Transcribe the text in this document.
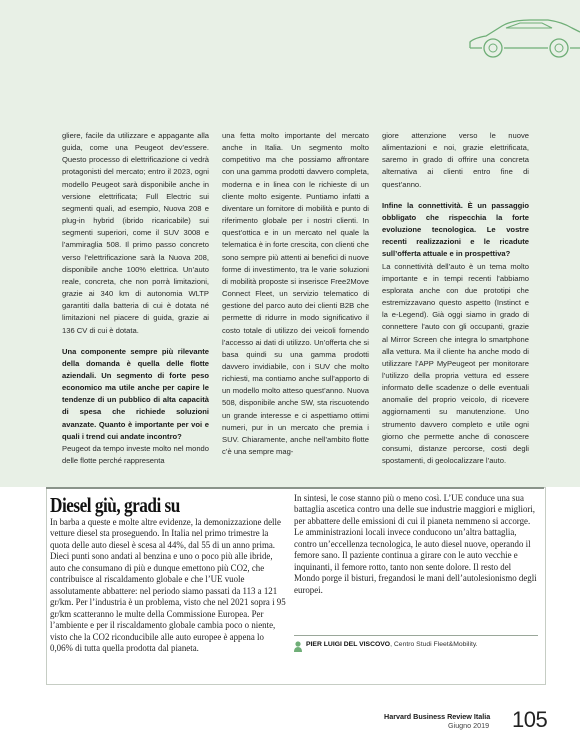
gliere, facile da utilizzare e appagante alla guida, come una Peugeot dev’essere. Questo processo di elettrificazione ci vedrà protagonisti del mercato; entro il 2023, ogni modello Peugeot sarà disponibile anche in versione elettrificata; Full Electric sui segmenti quali, ad esempio, Nuova 208 e plug-in hybrid (ibrido ricaricabile) sui segmenti superiori, come il SUV 3008 e l’ammiraglia 508. Il primo passo concreto verso l’elettrificazione sarà la Nuova 208, disponibile anche 100% elettrica. Un’auto reale, concreta, che non porrà limitazioni, grazie ai 340 km di autonomia WLTP garantiti dalla batteria di cui è dotata né limitazioni nel piacere di guida, grazie ai 136 CV di cui è dotata.

Una componente sempre più rilevante della domanda è quella delle flotte aziendali. Un segmento di forte peso economico ma utile anche per capire le tendenze di un pubblico di alta capacità di spesa che richiede soluzioni avanzate. Quanto è importante per voi e quali i trend cui andate incontro?

Peugeot da tempo investe molto nel mondo delle flotte perché rappresenta

una fetta molto importante del mercato anche in Italia. Un segmento molto competitivo ma che possiamo affrontare con una gamma prodotti davvero completa, moderna e in linea con le richieste di un cliente molto esigente. Puntiamo infatti a diventare un fornitore di mobilità e punto di riferimento globale per i nostri clienti. In quest’ottica e in un mercato nel quale la telematica è in forte crescita, con clienti che sono sempre più attenti ai benefici di nuove forme di investimento, tra le varie soluzioni di mobilità proposte si inserisce Free2Move Connect Fleet, un servizio telematico di gestione del parco auto dei clienti B2B che permette di ridurre in modo significativo il costo totale di utilizzo dei veicoli fornendo l’accesso ai dati di utilizzo. Un’offerta che si basa quindi su una gamma prodotti davvero invidiabile, con i SUV che molto richiesti, ma contiamo anche sull’apporto di un modello molto atteso quest’anno. Nuova 508, disponibile anche SW, sta riscuotendo un grande interesse e ci aspettiamo ottimi numeri, pur in un mercato che premia i SUV. Chiaramente, anche nell’ambito flotte c’è una sempre mag-

giore attenzione verso le nuove alimentazioni e noi, grazie elettrificata, saremo in grado di offrire una concreta alternativa ai clienti entro fine di quest’anno.

Infine la connettività. È un passaggio obbligato che rispecchia la forte evoluzione tecnologica. Le vostre recenti realizzazioni e le ricadute sull’offerta attuale e in prospettiva?

La connettività dell’auto è un tema molto importante e in tempi recenti l’abbiamo esplorata anche con due prototipi che estremizzavano questo aspetto (Instinct e la e-Legend). Già oggi siamo in grado di connettere l’auto con gli occupanti, grazie al Mirror Screen che integra lo smartphone alla vettura. Ma il cliente ha anche modo di utilizzare l’APP MyPeugeot per monitorare l’utilizzo della propria vettura ed essere informato delle scadenze o delle eventuali anomalie del proprio veicolo, di ricevere aggiornamenti su manutenzione. Uno strumento davvero completo e utile ogni giorno che permette anche di conoscere consumi, distanze percorse, costi degli spostamenti, di geolocalizzare l’auto.

Diesel giù, gradi su
In barba a queste e molte altre evidenze, la demonizzazione delle vetture diesel sta proseguendo. In Italia nel primo trimestre la quota delle auto diesel è scesa al 44%, dal 55 di un anno prima. Dieci punti sono andati al benzina e uno o poco più alle ibride, auto che consumano di più e dunque emettono più CO2, che contribuisce al riscaldamento globale e che l’UE vuole assolutamente abbattere: nel periodo siamo passati da 113 a 121 gr/km. Per l’industria è un problema, visto che nel 2021 sopra i 95 gr/km scatteranno le multe della Commissione Europea. Per l’ambiente e per il riscaldamento globale cambia poco o niente, visto che la CO2 riconducibile alle auto europee è appena lo 0,06% di tutta quella prodotta dal pianeta.
In sintesi, le cose stanno più o meno così. L’UE conduce una sua battaglia ascetica contro una delle sue industrie maggiori e migliori, per abbattere delle emissioni di cui il pianeta nemmeno si accorge. Le amministrazioni locali invece conducono un’altra battaglia, contro un’eccellenza tecnologica, le auto diesel nuove, operando il femore sano. Il paziente continua a girare con le auto vecchie e inquinanti, il femore rotto, tanto non sente dolore. Il resto del Mondo porge il bisturi, fregandosi le mani dell’autolesionismo degli europei.
PIER LUIGI DEL VISCOVO, Centro Studi Fleet&Mobility.
Harvard Business Review Italia
Giugno 2019 105
